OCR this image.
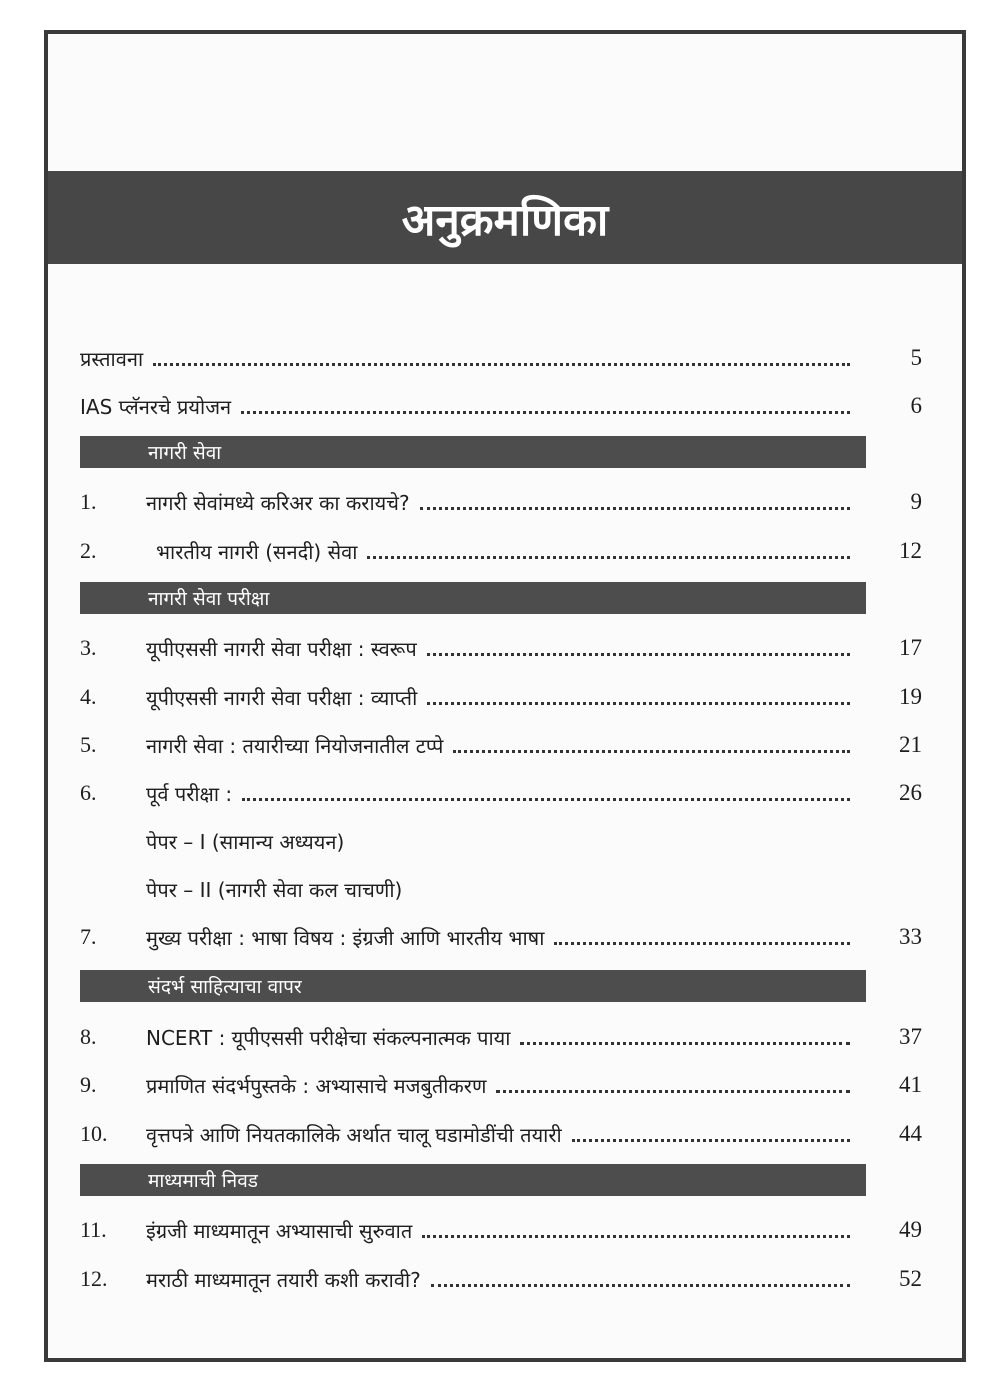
अनुक्रमणिका
प्रस्तावना	5
IAS प्लॅनरचे प्रयोजन	6
नागरी सेवा
1.	नागरी सेवांमध्ये करिअर का करायचे?	9
2.	भारतीय नागरी (सनदी) सेवा	12
नागरी सेवा परीक्षा
3.	यूपीएससी नागरी सेवा परीक्षा : स्वरूप	17
4.	यूपीएससी नागरी सेवा परीक्षा : व्याप्ती	19
5.	नागरी सेवा : तयारीच्या नियोजनातील टप्पे	21
6.	पूर्व परीक्षा :	26
पेपर – I (सामान्य अध्ययन)
पेपर – II (नागरी सेवा कल चाचणी)
7.	मुख्य परीक्षा : भाषा विषय : इंग्रजी आणि भारतीय भाषा	33
संदर्भ साहित्याचा वापर
8.	NCERT : यूपीएससी परीक्षेचा संकल्पनात्मक पाया	37
9.	प्रमाणित संदर्भपुस्तके : अभ्यासाचे मजबुतीकरण	41
10.	वृत्तपत्रे आणि नियतकालिके अर्थात चालू घडामोडींची तयारी	44
माध्यमाची निवड
11.	इंग्रजी माध्यमातून अभ्यासाची सुरुवात	49
12.	मराठी माध्यमातून तयारी कशी करावी?	52
